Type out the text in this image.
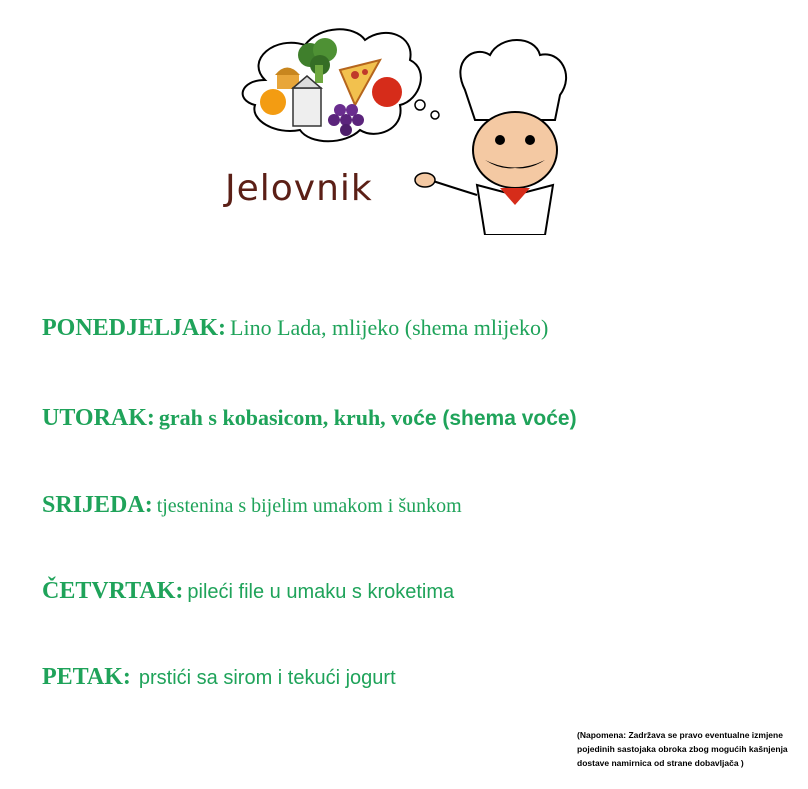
Jelovnik
PONEDJELJAK: Lino Lada, mlijeko (shema mlijeko)
UTORAK: grah s kobasicom, kruh, voće (shema voće)
SRIJEDA: tjestenina s bijelim umakom i šunkom
ČETVRTAK: pileći file u umaku s kroketima
PETAK: prstići sa sirom i tekući jogurt
(Napomena: Zadržava se pravo eventualne izmjene
pojedinih sastojaka obroka zbog mogućih kašnjenja
dostave namirnica od strane dobavljača )
